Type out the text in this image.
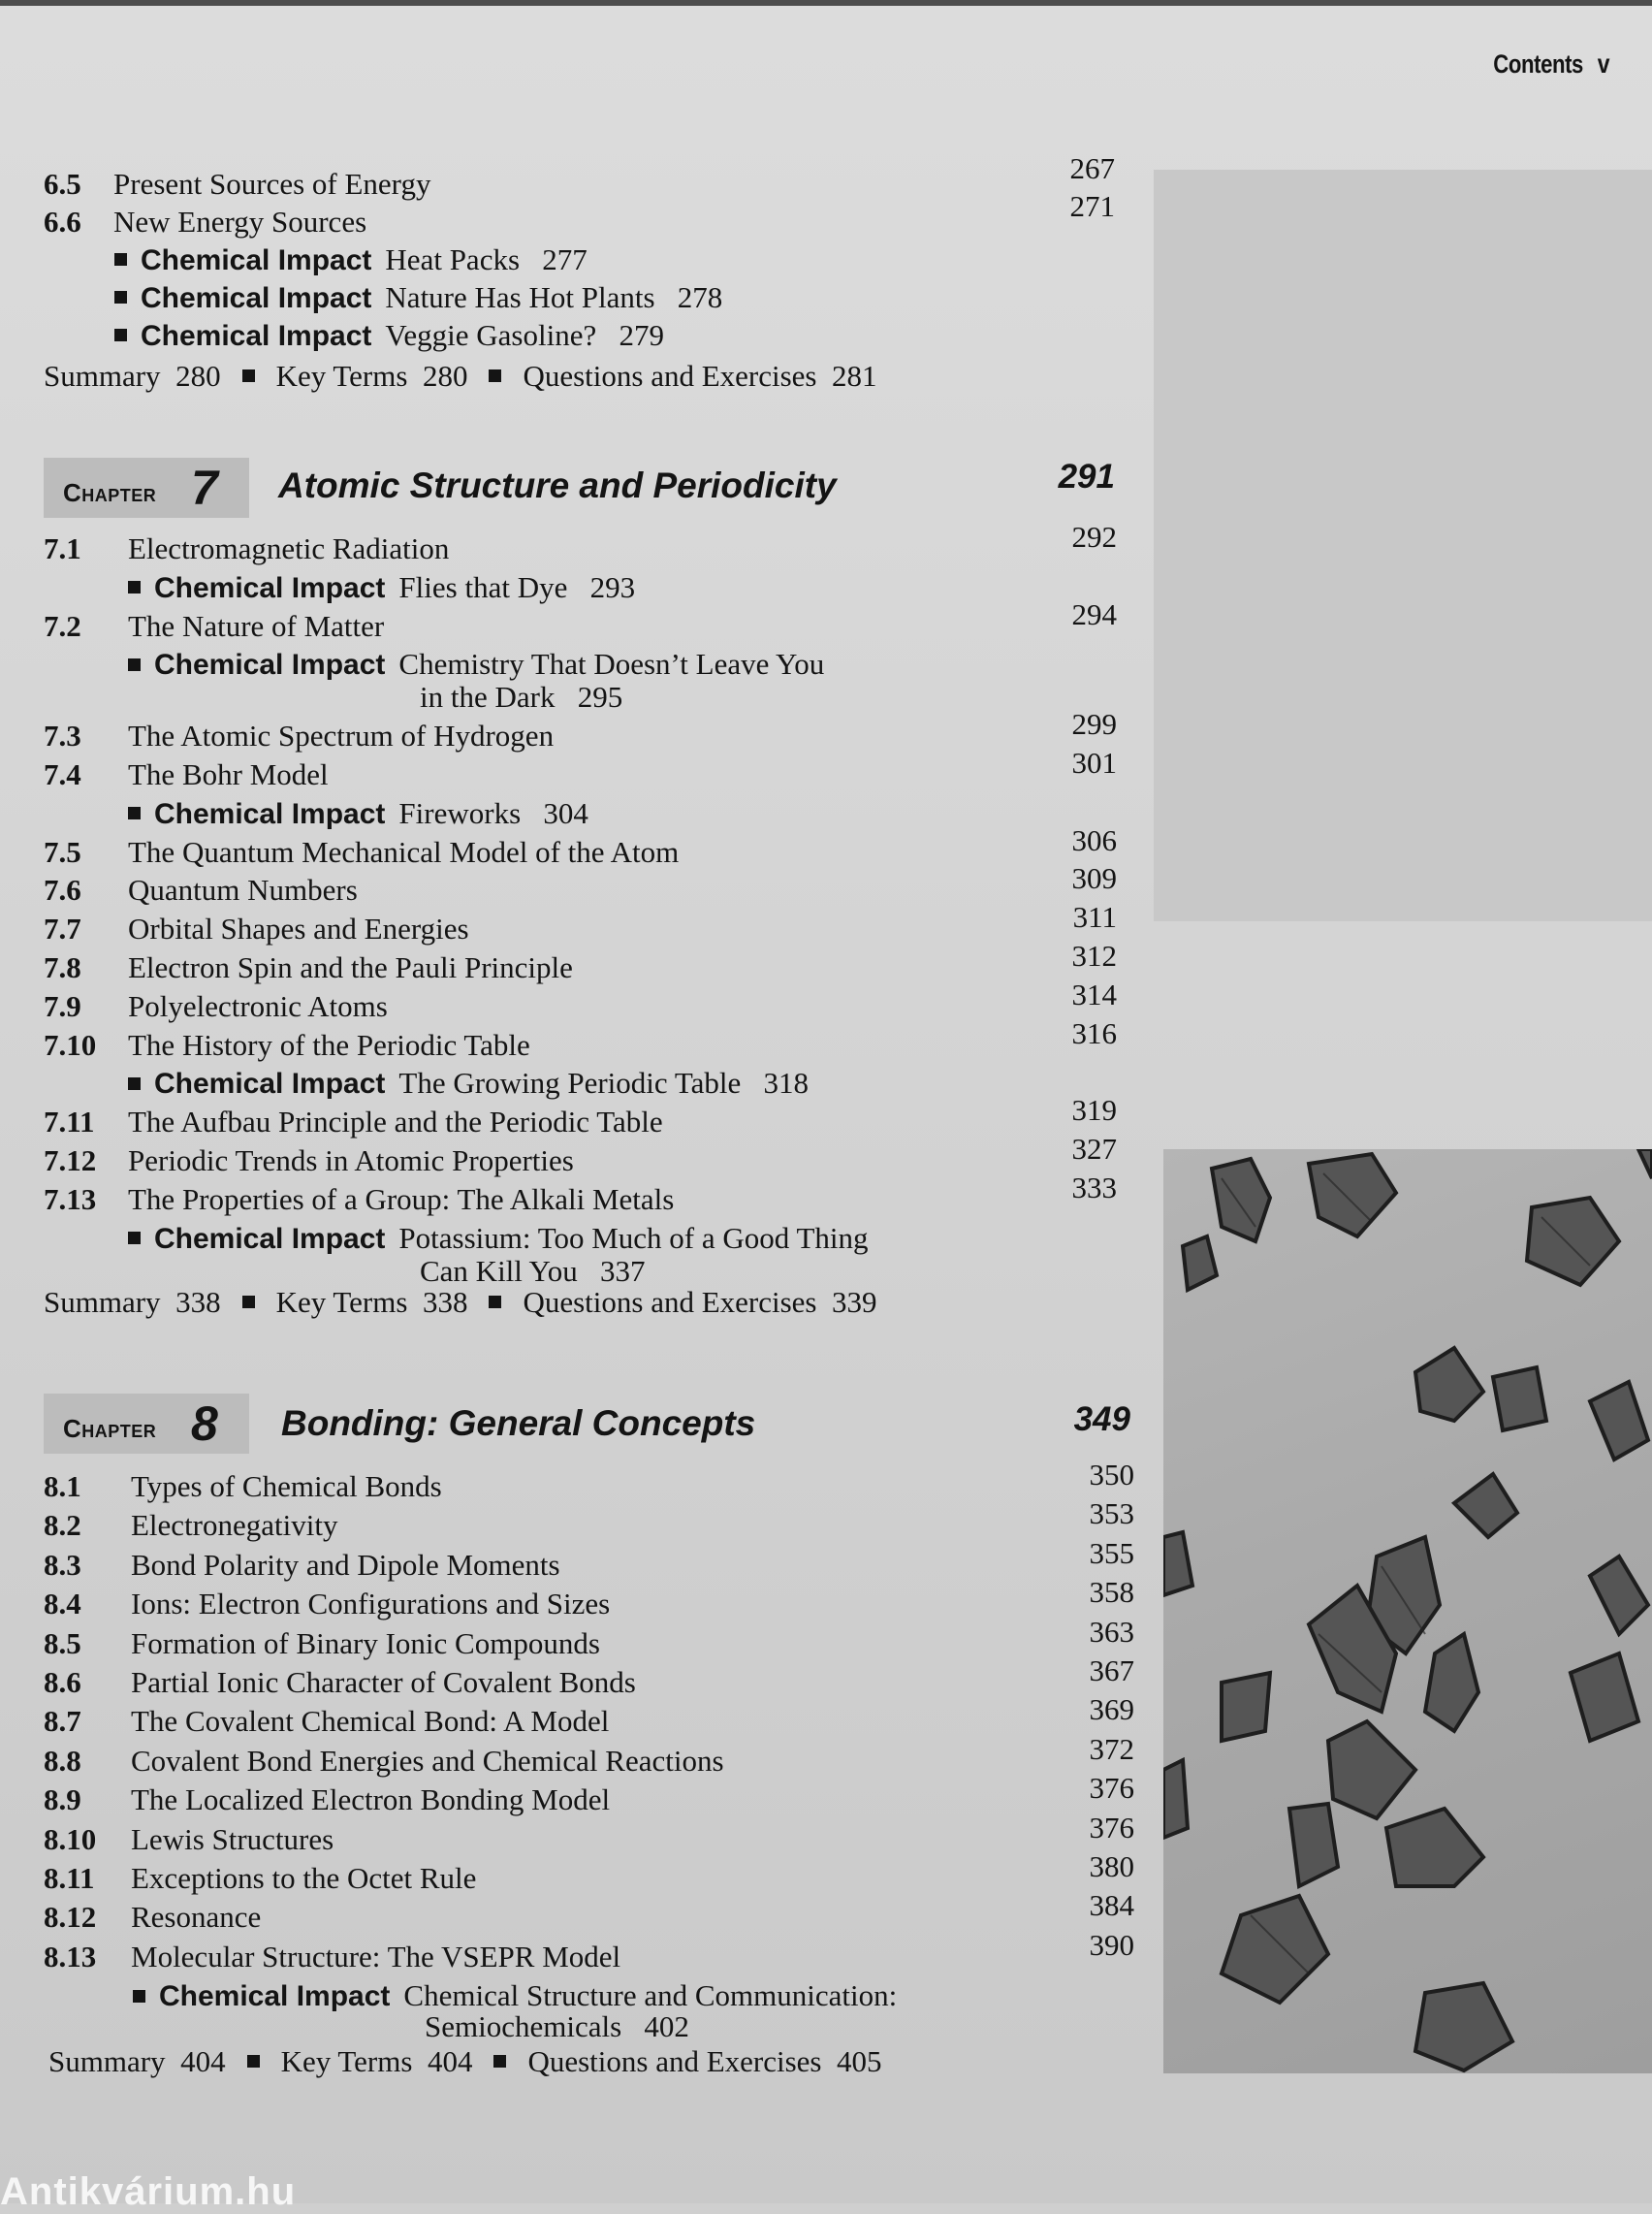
Contents v
6.5 Present Sources of Energy	267
6.6 New Energy Sources	271
Chemical Impact Heat Packs 277
Chemical Impact Nature Has Hot Plants 278
Chemical Impact Veggie Gasoline? 279
Summary 280 Key Terms 280 Questions and Exercises 281
Chapter 7 Atomic Structure and Periodicity	291
7.1 Electromagnetic Radiation	292
Chemical Impact Flies that Dye 293
7.2 The Nature of Matter	294
Chemical Impact Chemistry That Doesn’t Leave You
in the Dark 295
7.3 The Atomic Spectrum of Hydrogen	299
7.4 The Bohr Model	301
Chemical Impact Fireworks 304
7.5 The Quantum Mechanical Model of the Atom	306
7.6 Quantum Numbers	309
7.7 Orbital Shapes and Energies	311
7.8 Electron Spin and the Pauli Principle	312
7.9 Polyelectronic Atoms	314
7.10 The History of the Periodic Table	316
Chemical Impact The Growing Periodic Table 318
7.11 The Aufbau Principle and the Periodic Table	319
7.12 Periodic Trends in Atomic Properties	327
7.13 The Properties of a Group: The Alkali Metals	333
Chemical Impact Potassium: Too Much of a Good Thing
Can Kill You 337
Summary 338 Key Terms 338 Questions and Exercises 339
Chapter 8 Bonding: General Concepts	349
8.1 Types of Chemical Bonds	350
8.2 Electronegativity	353
8.3 Bond Polarity and Dipole Moments	355
8.4 Ions: Electron Configurations and Sizes	358
8.5 Formation of Binary Ionic Compounds	363
8.6 Partial Ionic Character of Covalent Bonds	367
8.7 The Covalent Chemical Bond: A Model	369
8.8 Covalent Bond Energies and Chemical Reactions	372
8.9 The Localized Electron Bonding Model	376
8.10 Lewis Structures	376
8.11 Exceptions to the Octet Rule	380
8.12 Resonance	384
8.13 Molecular Structure: The VSEPR Model	390
Chemical Impact Chemical Structure and Communication:
Semiochemicals 402
Summary 404 Key Terms 404 Questions and Exercises 405
Antikvárium.hu
